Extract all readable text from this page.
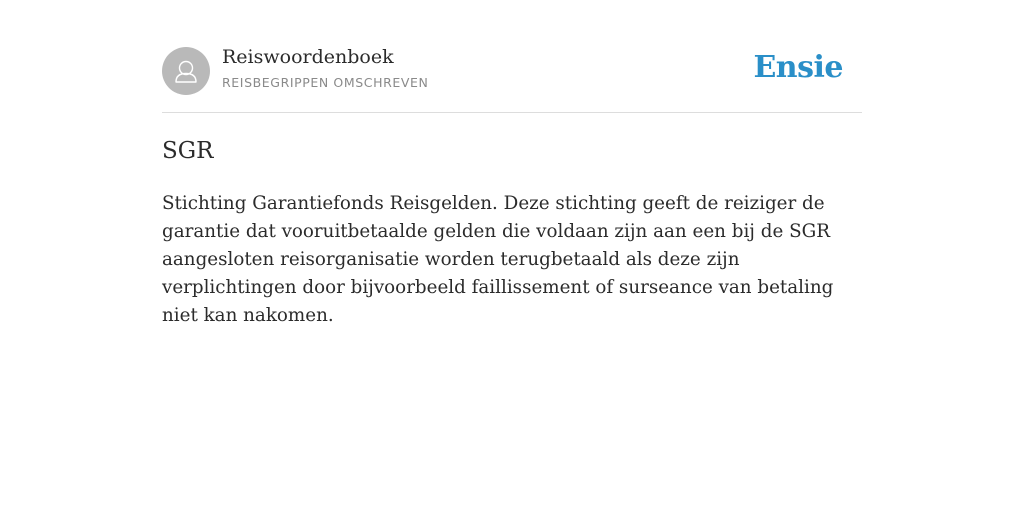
Reiswoordenboek
REISBEGRIPPEN OMSCHREVEN	Ensie
SGR

Stichting Garantiefonds Reisgelden. Deze stichting geeft de reiziger de garantie dat vooruitbetaalde gelden die voldaan zijn aan een bij de SGR aangesloten reisorganisatie worden terugbetaald als deze zijn verplichtingen door bijvoorbeeld faillissement of surseance van betaling niet kan nakomen.
